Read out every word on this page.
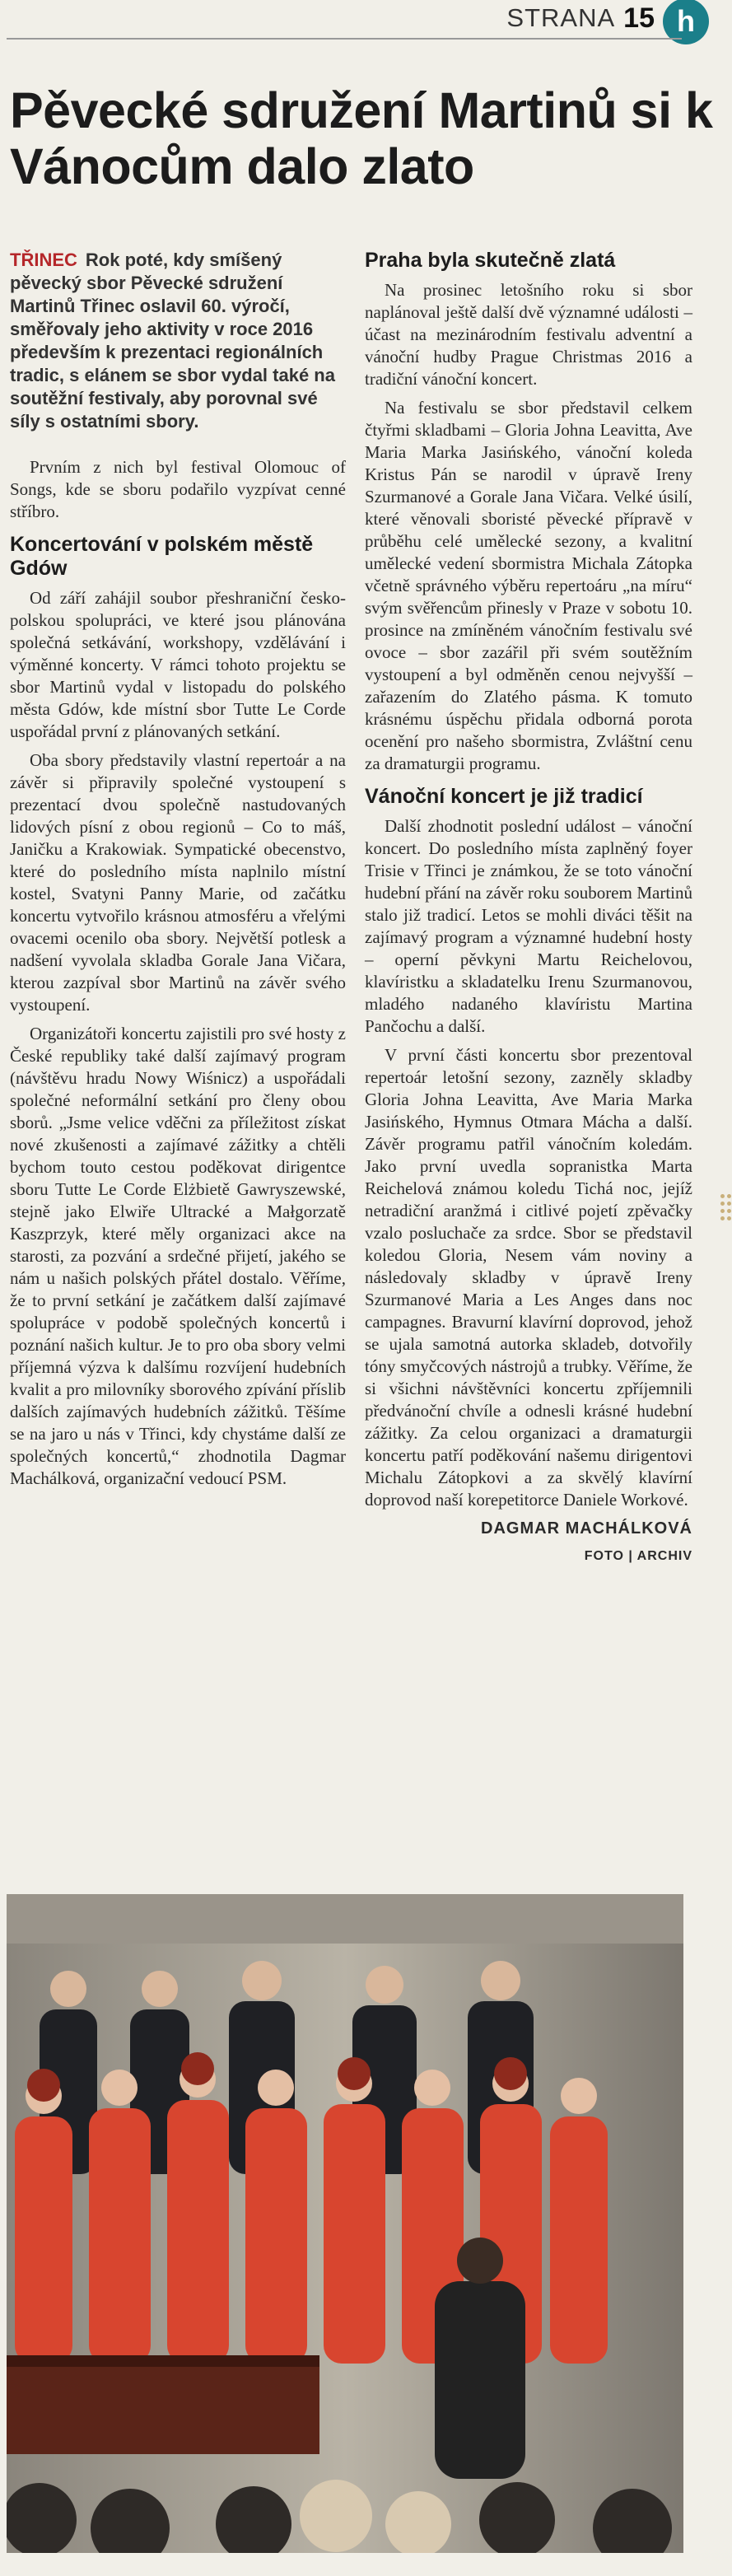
STRANA 15 h
Pěvecké sdružení Martinů si k Vánocům dalo zlato
TŘINEC Rok poté, kdy smíšený pěvecký sbor Pěvecké sdružení Martinů Třinec oslavil 60. výročí, směřovaly jeho aktivity v roce 2016 především k prezentaci regionálních tradic, s elánem se sbor vydal také na soutěžní festivaly, aby porovnal své síly s ostatními sbory.

Prvním z nich byl festival Olomouc of Songs, kde se sboru podařilo vyzpívat cenné stříbro.

Koncertování v polském městě Gdów

Od září zahájil soubor přeshraniční česko-polskou spolupráci, ve které jsou plánována společná setkávání, workshopy, vzdělávání i výměnné koncerty. V rámci tohoto projektu se sbor Martinů vydal v listopadu do polského města Gdów, kde místní sbor Tutte Le Corde uspořádal první z plánovaných setkání.

Oba sbory představily vlastní repertoár a na závěr si připravily společné vystoupení s prezentací dvou společně nastudovaných lidových písní z obou regionů – Co to máš, Janičku a Krakowiak. Sympatické obecenstvo, které do posledního místa naplnilo místní kostel, Svatyni Panny Marie, od začátku koncertu vytvořilo krásnou atmosféru a vřelými ovacemi ocenilo oba sbory. Největší potlesk a nadšení vyvolala skladba Gorale Jana Vičara, kterou zazpíval sbor Martinů na závěr svého vystoupení.

Organizátoři koncertu zajistili pro své hosty z České republiky také další zajímavý program (návštěvu hradu Nowy Wiśnicz) a uspořádali společné neformální setkání pro členy obou sborů. „Jsme velice vděčni za příležitost získat nové zkušenosti a zajímavé zážitky a chtěli bychom touto cestou poděkovat dirigentce sboru Tutte Le Corde Elżbietě Gawryszewské, stejně jako Elwiře Ultracké a Małgorzatě Kaszprzyk, které měly organizaci akce na starosti, za pozvání a srdečné přijetí, jakého se nám u našich polských přátel dostalo. Věříme, že to první setkání je začátkem další zajímavé spolupráce v podobě společných koncertů i poznání našich kultur. Je to pro oba sbory velmi příjemná výzva k dalšímu rozvíjení hudebních kvalit a pro milovníky sborového zpívání příslib dalších zajímavých hudebních zážitků. Těšíme se na jaro u nás v Třinci, kdy chystáme další ze společných koncertů,“ zhodnotila Dagmar Machálková, organizační vedoucí PSM.

Praha byla skutečně zlatá

Na prosinec letošního roku si sbor naplánoval ještě další dvě významné události – účast na mezinárodním festivalu adventní a vánoční hudby Prague Christmas 2016 a tradiční vánoční koncert.

Na festivalu se sbor představil celkem čtyřmi skladbami – Gloria Johna Leavitta, Ave Maria Marka Jasińského, vánoční koleda Kristus Pán se narodil v úpravě Ireny Szurmanové a Gorale Jana Vičara. Velké úsilí, které věnovali sboristé pěvecké přípravě v průběhu celé umělecké sezony, a kvalitní umělecké vedení sbormistra Michala Zátopka včetně správného výběru repertoáru „na míru“ svým svěřencům přinesly v Praze v sobotu 10. prosince na zmíněném vánočním festivalu své ovoce – sbor zazářil při svém soutěžním vystoupení a byl odměněn cenou nejvyšší – zařazením do Zlatého pásma. K tomuto krásnému úspěchu přidala odborná porota ocenění pro našeho sbormistra, Zvláštní cenu za dramaturgii programu.

Vánoční koncert je již tradicí

Další zhodnotit poslední událost – vánoční koncert. Do posledního místa zaplněný foyer Trisie v Třinci je známkou, že se toto vánoční hudební přání na závěr roku souborem Martinů stalo již tradicí. Letos se mohli diváci těšit na zajímavý program a významné hudební hosty – operní pěvkyni Martu Reichelovou, klavíristku a skladatelku Irenu Szurmanovou, mladého nadaného klavíristu Martina Pančochu a další.

V první části koncertu sbor prezentoval repertoár letošní sezony, zazněly skladby Gloria Johna Leavitta, Ave Maria Marka Jasińského, Hymnus Otmara Mácha a další. Závěr programu patřil vánočním koledám. Jako první uvedla sopranistka Marta Reichelová známou koledu Tichá noc, jejíž netradiční aranžmá i citlivé pojetí zpěvačky vzalo posluchače za srdce. Sbor se představil koledou Gloria, Nesem vám noviny a následovaly skladby v úpravě Ireny Szurmanové Maria a Les Anges dans noc campagnes. Bravurní klavírní doprovod, jehož se ujala samotná autorka skladeb, dotvořily tóny smyčcových nástrojů a trubky. Věříme, že si všichni návštěvníci koncertu zpříjemnili předvánoční chvíle a odnesli krásné hudební zážitky. Za celou organizaci a dramaturgii koncertu patří poděkování našemu dirigentovi Michalu Zátopkovi a za skvělý klavírní doprovod naší korepetitorce Daniele Workové.

DAGMAR MACHÁLKOVÁ
FOTO | ARCHIV
